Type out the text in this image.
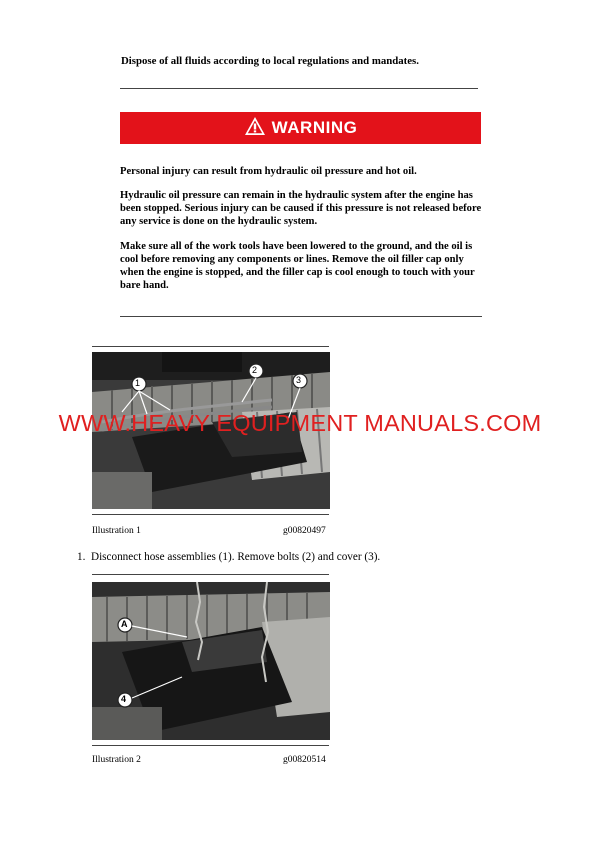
Dispose of all fluids according to local regulations and mandates.
WARNING
Personal injury can result from hydraulic oil pressure and hot oil.
Hydraulic oil pressure can remain in the hydraulic system after the engine has been stopped. Serious injury can be caused if this pressure is not released before any service is done on the hydraulic system.
Make sure all of the work tools have been lowered to the ground, and the oil is cool before removing any components or lines. Remove the oil filler cap only when the engine is stopped, and the filler cap is cool enough to touch with your bare hand.
1
2
3
Illustration 1	g00820497
1. Disconnect hose assemblies (1). Remove bolts (2) and cover (3).
A
4
Illustration 2	g00820514
WWW.HEAVY EQUIPMENT MANUALS.COM
